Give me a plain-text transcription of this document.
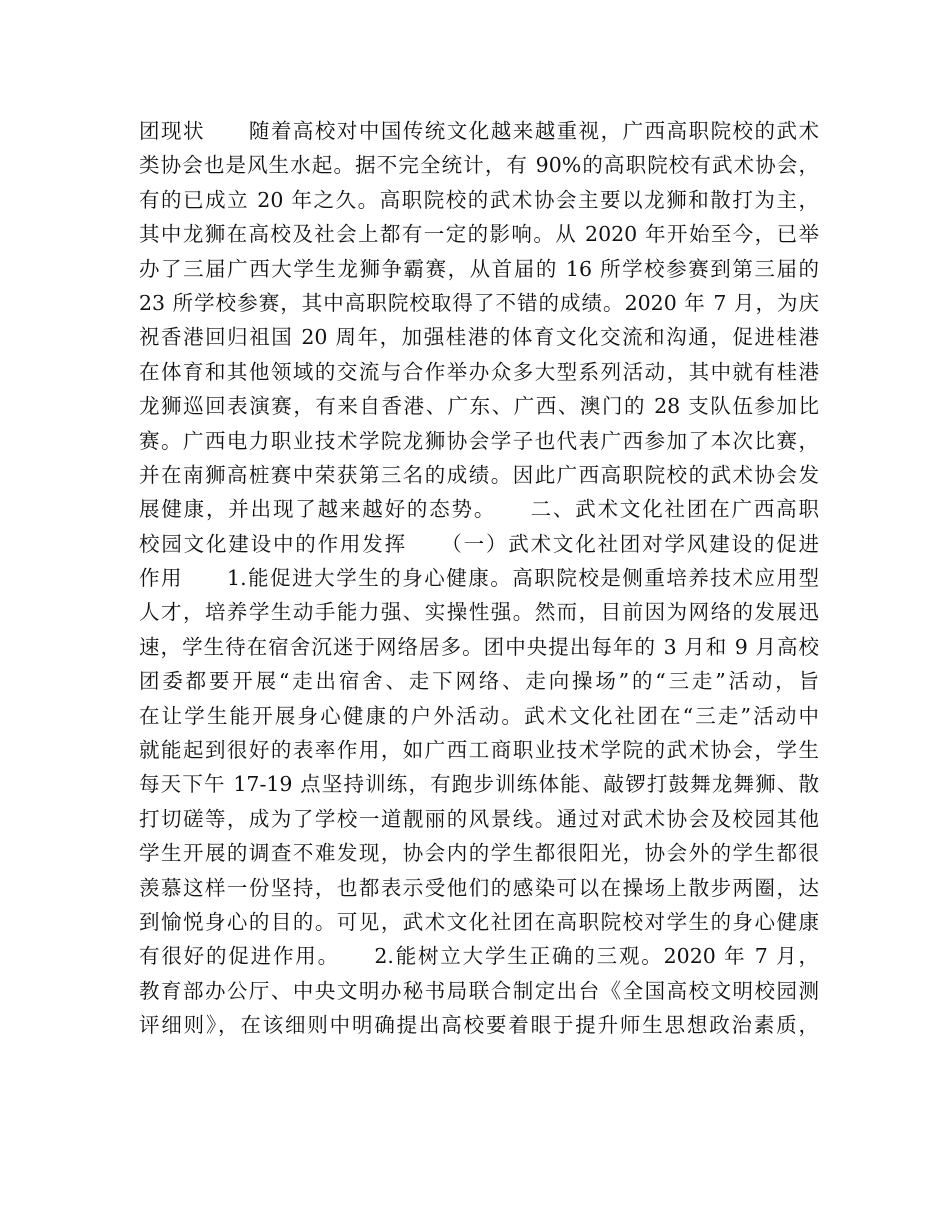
团现状　　随着高校对中国传统文化越来越重视，广西高职院校的武术
类协会也是风生水起。据不完全统计，有 90%的高职院校有武术协会，
有的已成立 20 年之久。高职院校的武术协会主要以龙狮和散打为主，
其中龙狮在高校及社会上都有一定的影响。从 2020 年开始至今，已举
办了三届广西大学生龙狮争霸赛，从首届的 16 所学校参赛到第三届的
23 所学校参赛，其中高职院校取得了不错的成绩。2020 年 7 月，为庆
祝香港回归祖国 20 周年，加强桂港的体育文化交流和沟通，促进桂港
在体育和其他领域的交流与合作举办众多大型系列活动，其中就有桂港
龙狮巡回表演赛，有来自香港、广东、广西、澳门的 28 支队伍参加比
赛。广西电力职业技术学院龙狮协会学子也代表广西参加了本次比赛，
并在南狮高桩赛中荣获第三名的成绩。因此广西高职院校的武术协会发
展健康，并出现了越来越好的态势。　　二、武术文化社团在广西高职
校园文化建设中的作用发挥　　（一）武术文化社团对学风建设的促进
作用　　1.能促进大学生的身心健康。高职院校是侧重培养技术应用型
人才，培养学生动手能力强、实操性强。然而，目前因为网络的发展迅
速，学生待在宿舍沉迷于网络居多。团中央提出每年的 3 月和 9 月高校
团委都要开展“走出宿舍、走下网络、走向操场”的“三走”活动，旨
在让学生能开展身心健康的户外活动。武术文化社团在“三走”活动中
就能起到很好的表率作用，如广西工商职业技术学院的武术协会，学生
每天下午 17-19 点坚持训练，有跑步训练体能、敲锣打鼓舞龙舞狮、散
打切磋等，成为了学校一道靓丽的风景线。通过对武术协会及校园其他
学生开展的调查不难发现，协会内的学生都很阳光，协会外的学生都很
羡慕这样一份坚持，也都表示受他们的感染可以在操场上散步两圈，达
到愉悦身心的目的。可见，武术文化社团在高职院校对学生的身心健康
有很好的促进作用。　　2.能树立大学生正确的三观。2020 年 7 月，
教育部办公厅、中央文明办秘书局联合制定出台《全国高校文明校园测
评细则》，在该细则中明确提出高校要着眼于提升师生思想政治素质，
